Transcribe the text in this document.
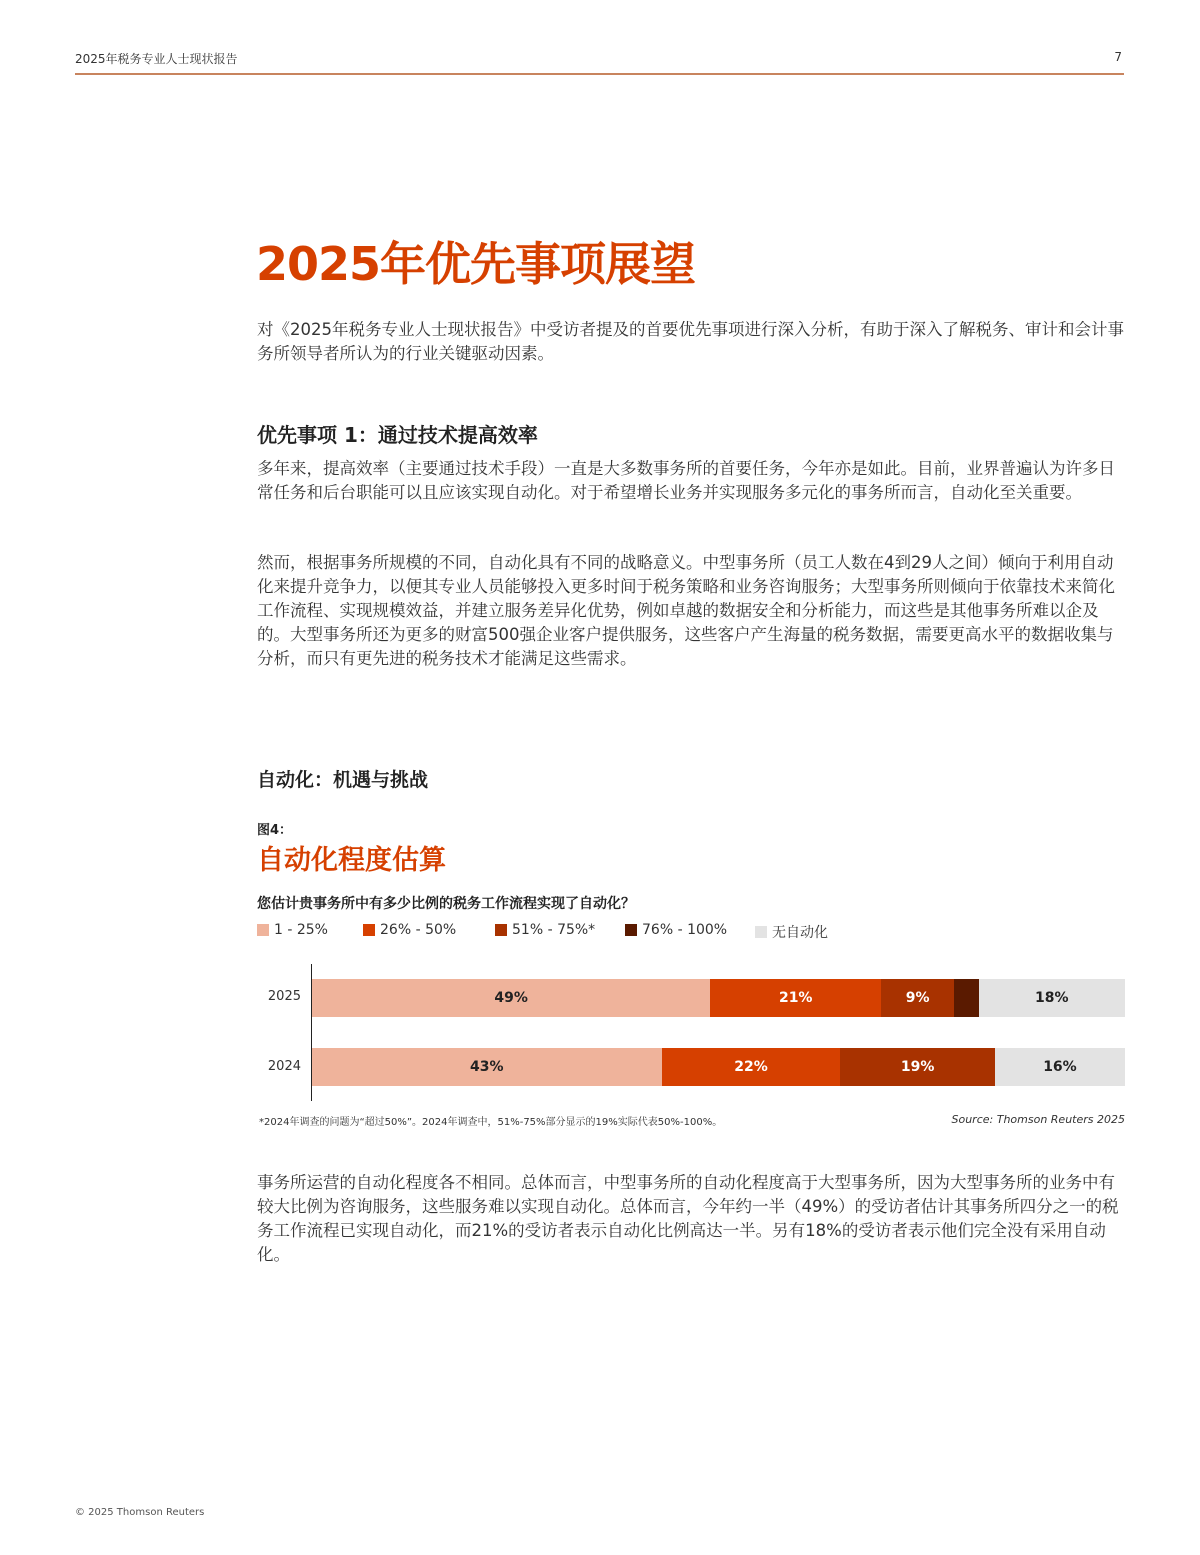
2025年税务专业人士现状报告	7
2025年优先事项展望
对《2025年税务专业人士现状报告》中受访者提及的首要优先事项进行深入分析，有助于深入了解税务、审计和会计事务所领导者所认为的行业关键驱动因素。
优先事项 1：通过技术提高效率
多年来，提高效率（主要通过技术手段）一直是大多数事务所的首要任务，今年亦是如此。目前，业界普遍认为许多日常任务和后台职能可以且应该实现自动化。对于希望增长业务并实现服务多元化的事务所而言，自动化至关重要。
然而，根据事务所规模的不同，自动化具有不同的战略意义。中型事务所（员工人数在4到29人之间）倾向于利用自动化来提升竞争力，以便其专业人员能够投入更多时间于税务策略和业务咨询服务；大型事务所则倾向于依靠技术来简化工作流程、实现规模效益，并建立服务差异化优势，例如卓越的数据安全和分析能力，而这些是其他事务所难以企及的。大型事务所还为更多的财富500强企业客户提供服务，这些客户产生海量的税务数据，需要更高水平的数据收集与分析，而只有更先进的税务技术才能满足这些需求。
自动化：机遇与挑战
图4：
自动化程度估算
您估计贵事务所中有多少比例的税务工作流程实现了自动化？
1 - 25%	26% - 50%	51% - 75%*	76% - 100%	无自动化
2025	49%	21%	9%	18%
2024	43%	22%	19%	16%
*2024年调查的问题为“超过50%”。2024年调查中，51%-75%部分显示的19%实际代表50%-100%。	Source: Thomson Reuters 2025
事务所运营的自动化程度各不相同。总体而言，中型事务所的自动化程度高于大型事务所，因为大型事务所的业务中有较大比例为咨询服务，这些服务难以实现自动化。总体而言，今年约一半（49%）的受访者估计其事务所四分之一的税务工作流程已实现自动化，而21%的受访者表示自动化比例高达一半。另有18%的受访者表示他们完全没有采用自动化。
© 2025 Thomson Reuters
